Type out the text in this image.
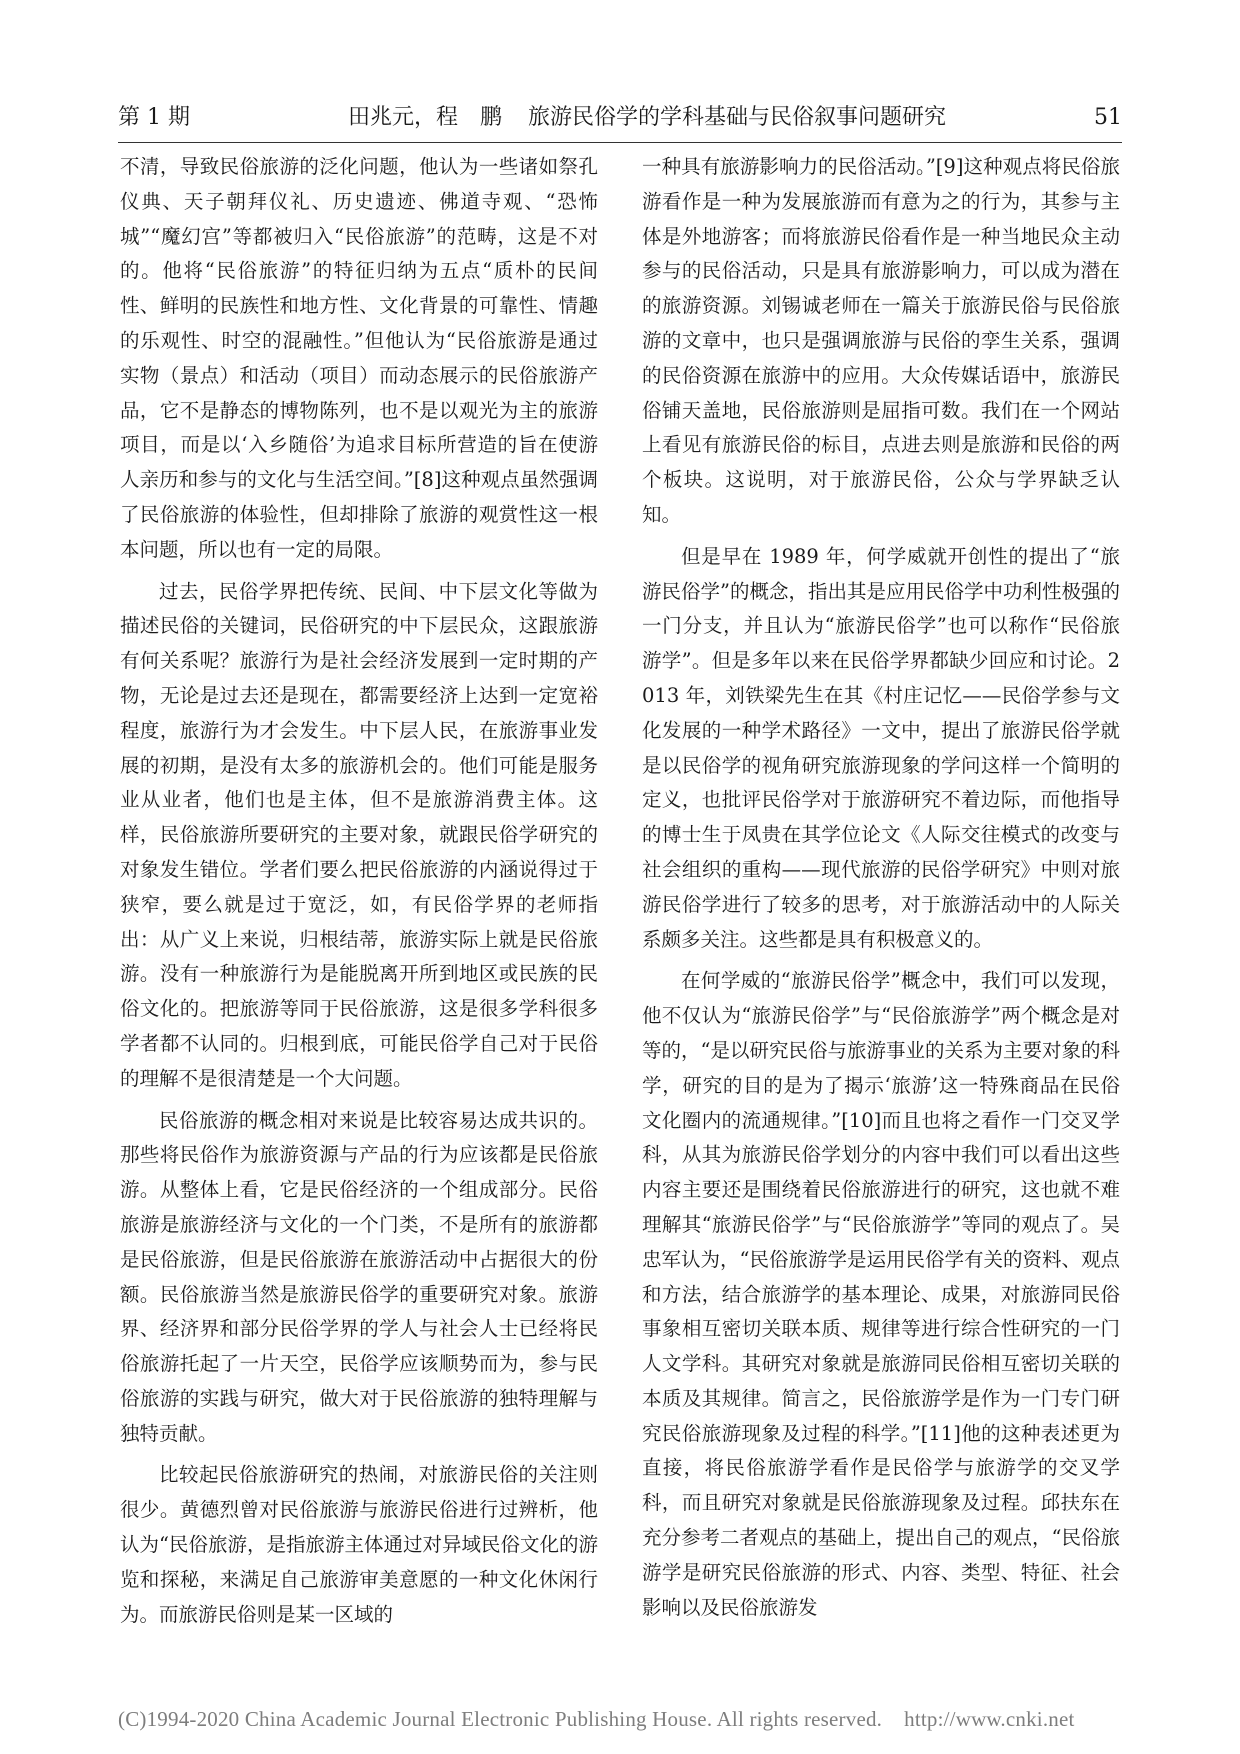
第 1 期	田兆元，程　鹏 旅游民俗学的学科基础与民俗叙事问题研究	51

不清，导致民俗旅游的泛化问题，他认为一些诸如祭孔仪典、天子朝拜仪礼、历史遗迹、佛道寺观、“恐怖城”“魔幻宫”等都被归入“民俗旅游”的范畴，这是不对的。他将“民俗旅游”的特征归纳为五点“质朴的民间性、鲜明的民族性和地方性、文化背景的可靠性、情趣的乐观性、时空的混融性。”但他认为“民俗旅游是通过实物（景点）和活动（项目）而动态展示的民俗旅游产品，它不是静态的博物陈列，也不是以观光为主的旅游项目，而是以‘入乡随俗’为追求目标所营造的旨在使游人亲历和参与的文化与生活空间。”[8]这种观点虽然强调了民俗旅游的体验性，但却排除了旅游的观赏性这一根本问题，所以也有一定的局限。

过去，民俗学界把传统、民间、中下层文化等做为描述民俗的关键词，民俗研究的中下层民众，这跟旅游有何关系呢？旅游行为是社会经济发展到一定时期的产物，无论是过去还是现在，都需要经济上达到一定宽裕程度，旅游行为才会发生。中下层人民，在旅游事业发展的初期，是没有太多的旅游机会的。他们可能是服务业从业者，他们也是主体，但不是旅游消费主体。这样，民俗旅游所要研究的主要对象，就跟民俗学研究的对象发生错位。学者们要么把民俗旅游的内涵说得过于狭窄，要么就是过于宽泛，如，有民俗学界的老师指出：从广义上来说，归根结蒂，旅游实际上就是民俗旅游。没有一种旅游行为是能脱离开所到地区或民族的民俗文化的。把旅游等同于民俗旅游，这是很多学科很多学者都不认同的。归根到底，可能民俗学自己对于民俗的理解不是很清楚是一个大问题。

民俗旅游的概念相对来说是比较容易达成共识的。那些将民俗作为旅游资源与产品的行为应该都是民俗旅游。从整体上看，它是民俗经济的一个组成部分。民俗旅游是旅游经济与文化的一个门类，不是所有的旅游都是民俗旅游，但是民俗旅游在旅游活动中占据很大的份额。民俗旅游当然是旅游民俗学的重要研究对象。旅游界、经济界和部分民俗学界的学人与社会人士已经将民俗旅游托起了一片天空，民俗学应该顺势而为，参与民俗旅游的实践与研究，做大对于民俗旅游的独特理解与独特贡献。

比较起民俗旅游研究的热闹，对旅游民俗的关注则很少。黄德烈曾对民俗旅游与旅游民俗进行过辨析，他认为“民俗旅游，是指旅游主体通过对异域民俗文化的游览和探秘，来满足自己旅游审美意愿的一种文化休闲行为。而旅游民俗则是某一区域的

一种具有旅游影响力的民俗活动。”[9]这种观点将民俗旅游看作是一种为发展旅游而有意为之的行为，其参与主体是外地游客；而将旅游民俗看作是一种当地民众主动参与的民俗活动，只是具有旅游影响力，可以成为潜在的旅游资源。刘锡诚老师在一篇关于旅游民俗与民俗旅游的文章中，也只是强调旅游与民俗的孪生关系，强调的民俗资源在旅游中的应用。大众传媒话语中，旅游民俗铺天盖地，民俗旅游则是屈指可数。我们在一个网站上看见有旅游民俗的标目，点进去则是旅游和民俗的两个板块。这说明，对于旅游民俗，公众与学界缺乏认知。

但是早在 1989 年，何学威就开创性的提出了“旅游民俗学”的概念，指出其是应用民俗学中功利性极强的一门分支，并且认为“旅游民俗学”也可以称作“民俗旅游学”。但是多年以来在民俗学界都缺少回应和讨论。2013 年，刘铁梁先生在其《村庄记忆——民俗学参与文化发展的一种学术路径》一文中，提出了旅游民俗学就是以民俗学的视角研究旅游现象的学问这样一个简明的定义，也批评民俗学对于旅游研究不着边际，而他指导的博士生于凤贵在其学位论文《人际交往模式的改变与社会组织的重构——现代旅游的民俗学研究》中则对旅游民俗学进行了较多的思考，对于旅游活动中的人际关系颇多关注。这些都是具有积极意义的。

在何学威的“旅游民俗学”概念中，我们可以发现，他不仅认为“旅游民俗学”与“民俗旅游学”两个概念是对等的，“是以研究民俗与旅游事业的关系为主要对象的科学，研究的目的是为了揭示‘旅游’这一特殊商品在民俗文化圈内的流通规律。”[10]而且也将之看作一门交叉学科，从其为旅游民俗学划分的内容中我们可以看出这些内容主要还是围绕着民俗旅游进行的研究，这也就不难理解其“旅游民俗学”与“民俗旅游学”等同的观点了。吴忠军认为，“民俗旅游学是运用民俗学有关的资料、观点和方法，结合旅游学的基本理论、成果，对旅游同民俗事象相互密切关联本质、规律等进行综合性研究的一门人文学科。其研究对象就是旅游同民俗相互密切关联的本质及其规律。简言之，民俗旅游学是作为一门专门研究民俗旅游现象及过程的科学。”[11]他的这种表述更为直接，将民俗旅游学看作是民俗学与旅游学的交叉学科，而且研究对象就是民俗旅游现象及过程。邱扶东在充分参考二者观点的基础上，提出自己的观点，“民俗旅游学是研究民俗旅游的形式、内容、类型、特征、社会影响以及民俗旅游发

(C)1994-2020 China Academic Journal Electronic Publishing House. All rights reserved. http://www.cnki.net
